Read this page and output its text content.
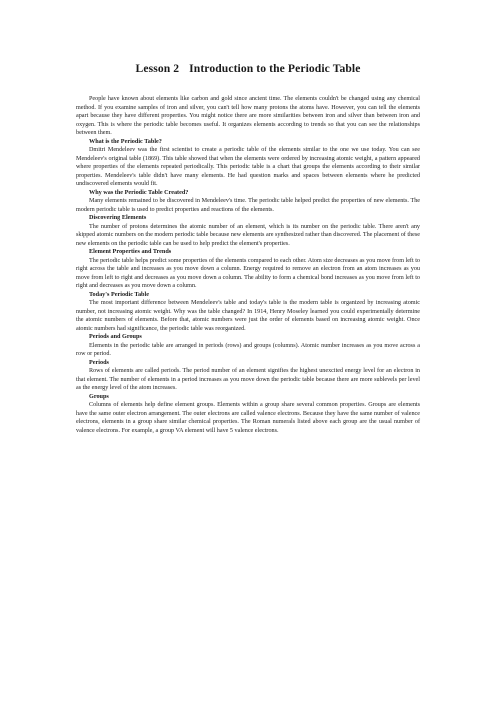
Lesson 2 Introduction to the Periodic Table

People have known about elements like carbon and gold since ancient time. The elements couldn't be changed using any chemical method. If you examine samples of iron and silver, you can't tell how many protons the atoms have. However, you can tell the elements apart because they have different properties. You might notice there are more similarities between iron and silver than between iron and oxygen. This is where the periodic table becomes useful. It organizes elements according to trends so that you can see the relationships between them.

What is the Periodic Table?

Dmitri Mendeleev was the first scientist to create a periodic table of the elements similar to the one we use today. You can see Mendeleev's original table (1869). This table showed that when the elements were ordered by increasing atomic weight, a pattern appeared where properties of the elements repeated periodically. This periodic table is a chart that groups the elements according to their similar properties. Mendeleev's table didn't have many elements. He had question marks and spaces between elements where he predicted undiscovered elements would fit.

Why was the Periodic Table Created?

Many elements remained to be discovered in Mendeleev's time. The periodic table helped predict the properties of new elements. The modern periodic table is used to predict properties and reactions of the elements.

Discovering Elements

The number of protons determines the atomic number of an element, which is its number on the periodic table. There aren't any skipped atomic numbers on the modern periodic table because new elements are synthesized rather than discovered. The placement of these new elements on the periodic table can be used to help predict the element's properties.

Element Properties and Trends

The periodic table helps predict some properties of the elements compared to each other. Atom size decreases as you move from left to right across the table and increases as you move down a column. Energy required to remove an electron from an atom increases as you move from left to right and decreases as you move down a column. The ability to form a chemical bond increases as you move from left to right and decreases as you move down a column.

Today's Periodic Table

The most important difference between Mendeleev's table and today's table is the modern table is organized by increasing atomic number, not increasing atomic weight. Why was the table changed? In 1914, Henry Moseley learned you could experimentally determine the atomic numbers of elements. Before that, atomic numbers were just the order of elements based on increasing atomic weight. Once atomic numbers had significance, the periodic table was reorganized.

Periods and Groups

Elements in the periodic table are arranged in periods (rows) and groups (columns). Atomic number increases as you move across a row or period.

Periods

Rows of elements are called periods. The period number of an element signifies the highest unexcited energy level for an electron in that element. The number of elements in a period increases as you move down the periodic table because there are more sublevels per level as the energy level of the atom increases.

Groups

Columns of elements help define element groups. Elements within a group share several common properties. Groups are elements have the same outer electron arrangement. The outer electrons are called valence electrons. Because they have the same number of valence electrons, elements in a group share similar chemical properties. The Roman numerals listed above each group are the usual number of valence electrons. For example, a group VA element will have 5 valence electrons.
